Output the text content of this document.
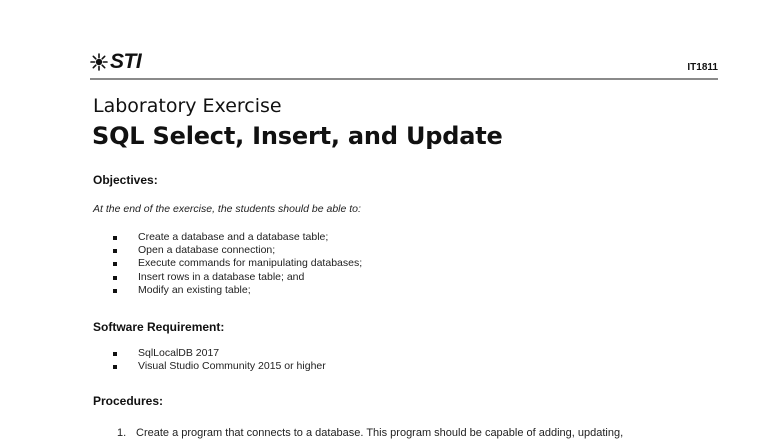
STI	IT1811
Laboratory Exercise
SQL Select, Insert, and Update
Objectives:
At the end of the exercise, the students should be able to:
Create a database and a database table;
Open a database connection;
Execute commands for manipulating databases;
Insert rows in a database table; and
Modify an existing table;
Software Requirement:
SqlLocalDB 2017
Visual Studio Community 2015 or higher
Procedures:
1. Create a program that connects to a database. This program should be capable of adding, updating,
